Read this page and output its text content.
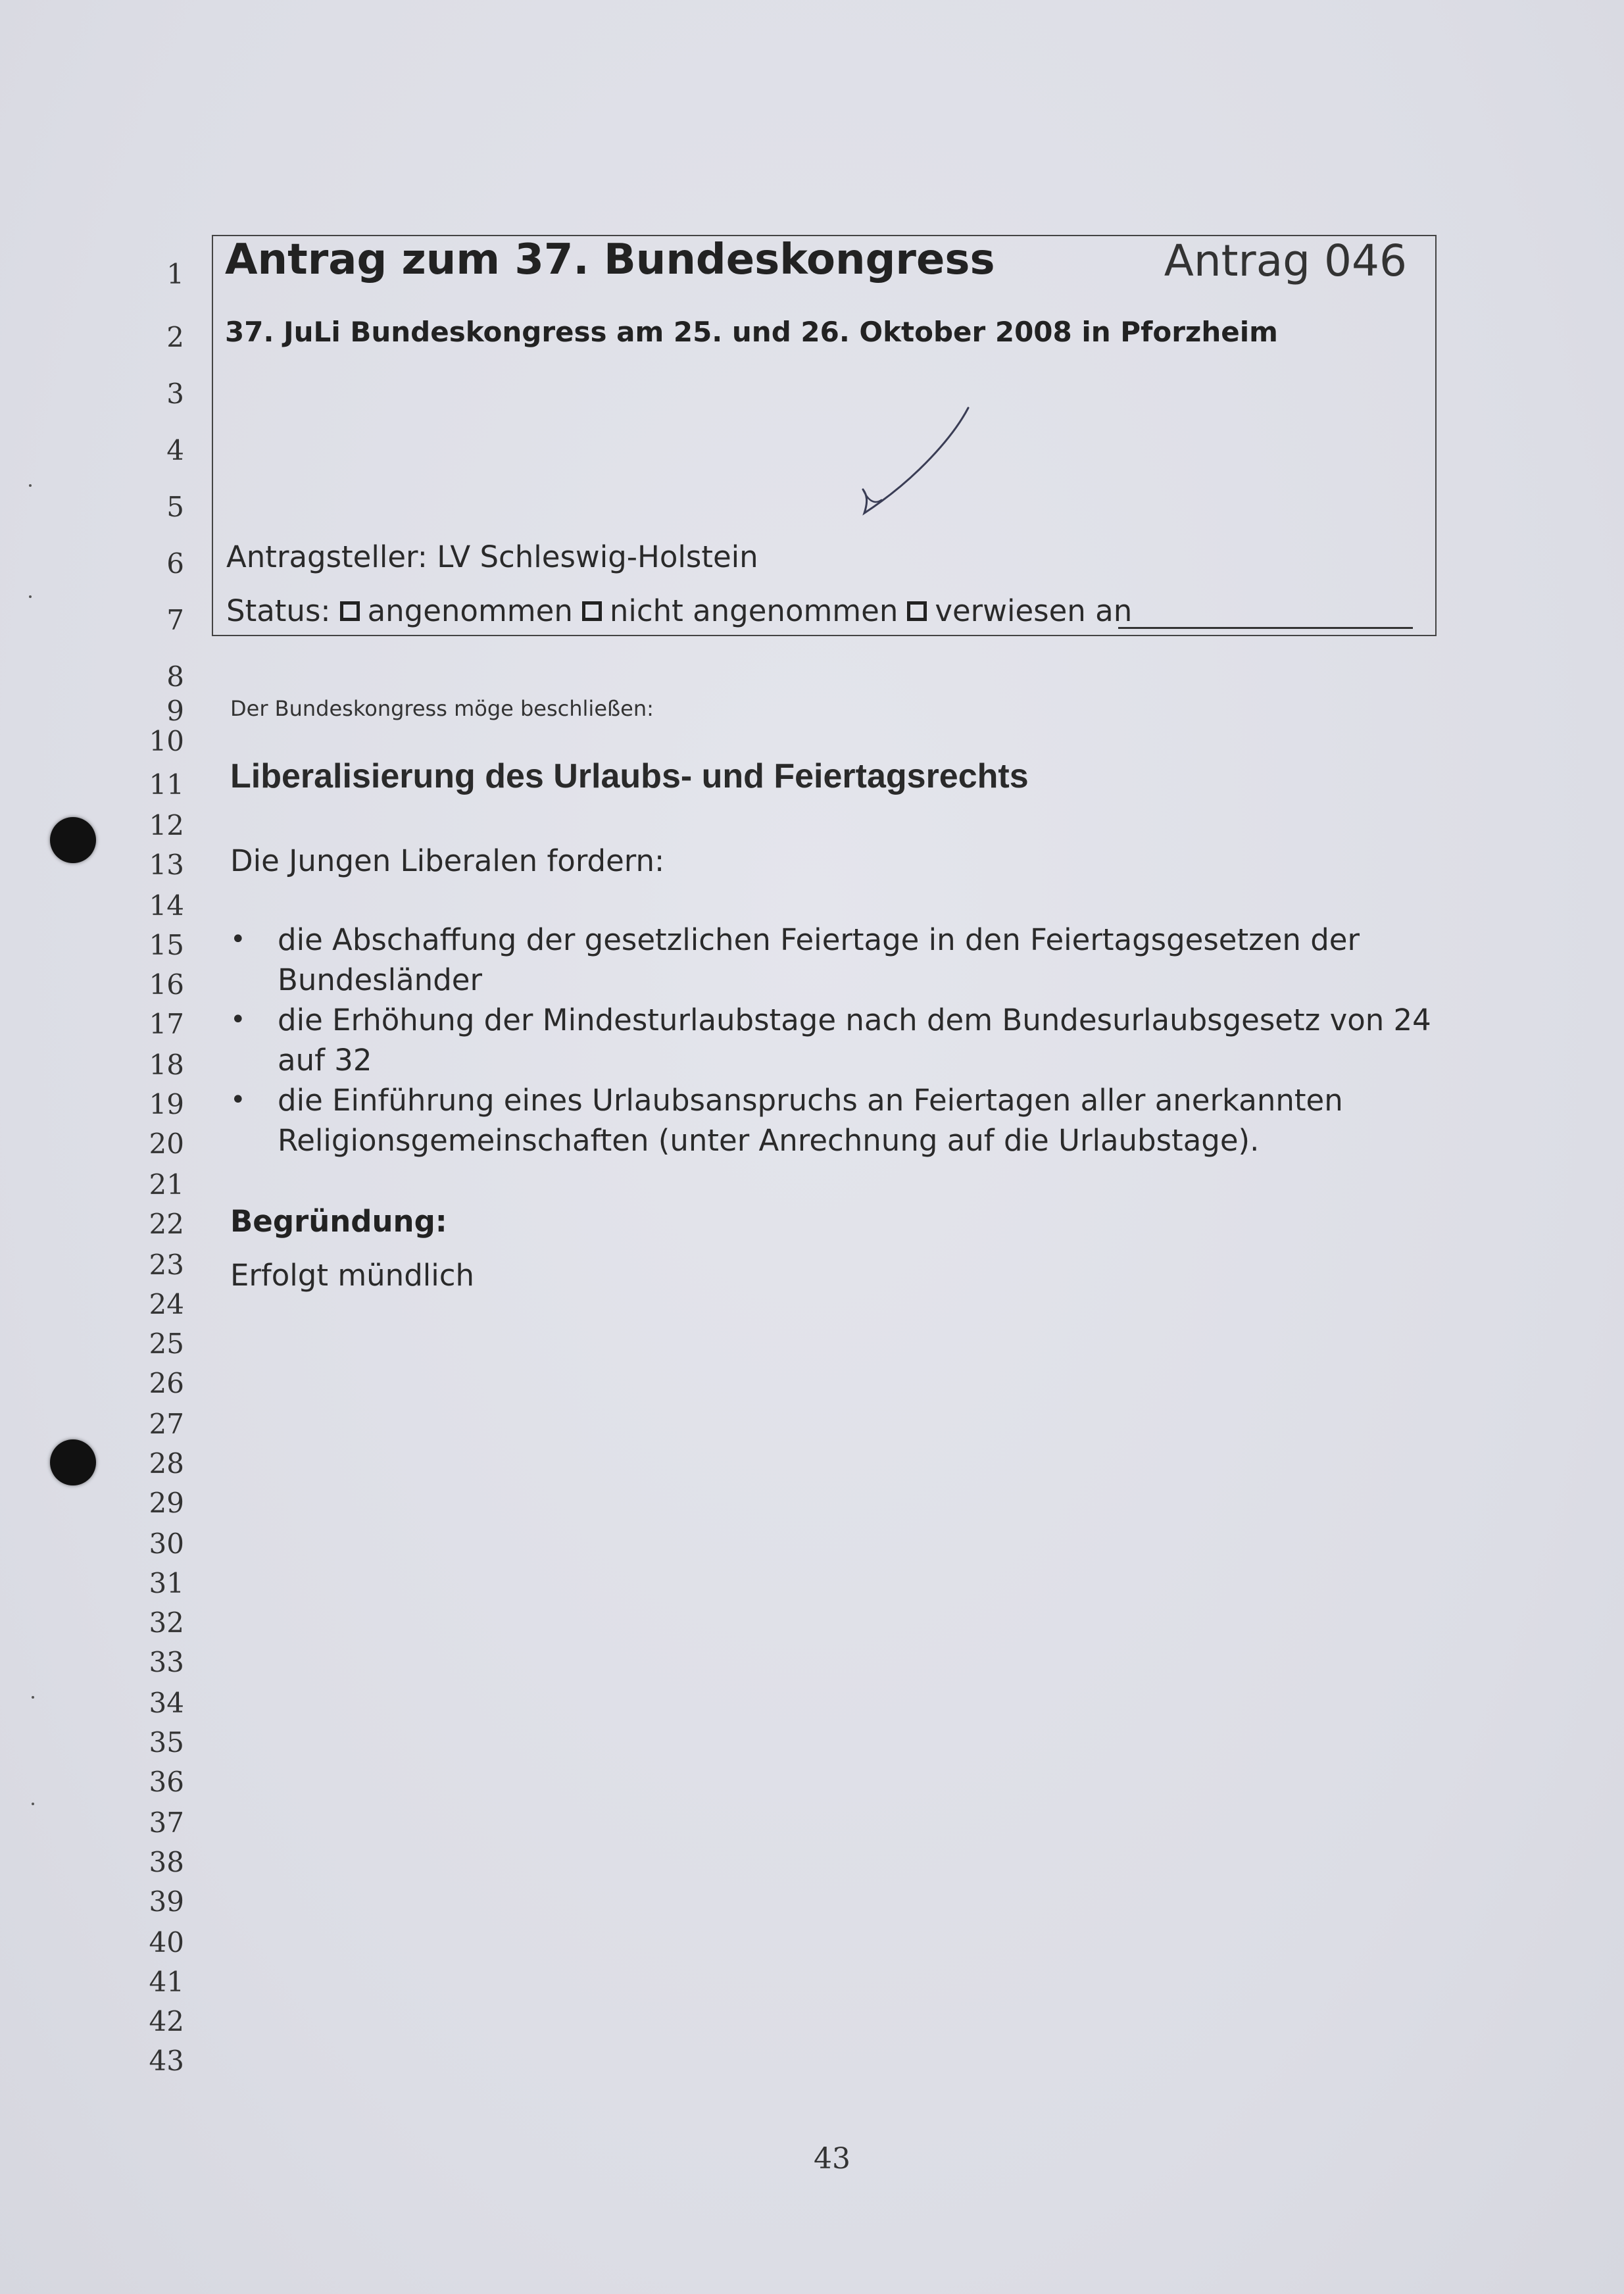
1
2
3
4
5
6
7
8
9
10
11
12
13
14
15
16
17
18
19
20
21
22
23
24
25
26
27
28
29
30
31
32
33
34
35
36
37
38
39
40
41
42
43
Antrag zum 37. Bundeskongress	Antrag 046
37. JuLi Bundeskongress am 25. und 26. Oktober 2008 in Pforzheim
Antragsteller: LV Schleswig-Holstein
Status: angenommen nicht angenommen verwiesen an
Der Bundeskongress möge beschließen:
Liberalisierung des Urlaubs- und Feiertagsrechts
Die Jungen Liberalen fordern:
• die Abschaffung der gesetzlichen Feiertage in den Feiertagsgesetzen der Bundesländer
• die Erhöhung der Mindesturlaubstage nach dem Bundesurlaubsgesetz von 24 auf 32
• die Einführung eines Urlaubsanspruchs an Feiertagen aller anerkannten Religionsgemeinschaften (unter Anrechnung auf die Urlaubstage).
Begründung:
Erfolgt mündlich
43
